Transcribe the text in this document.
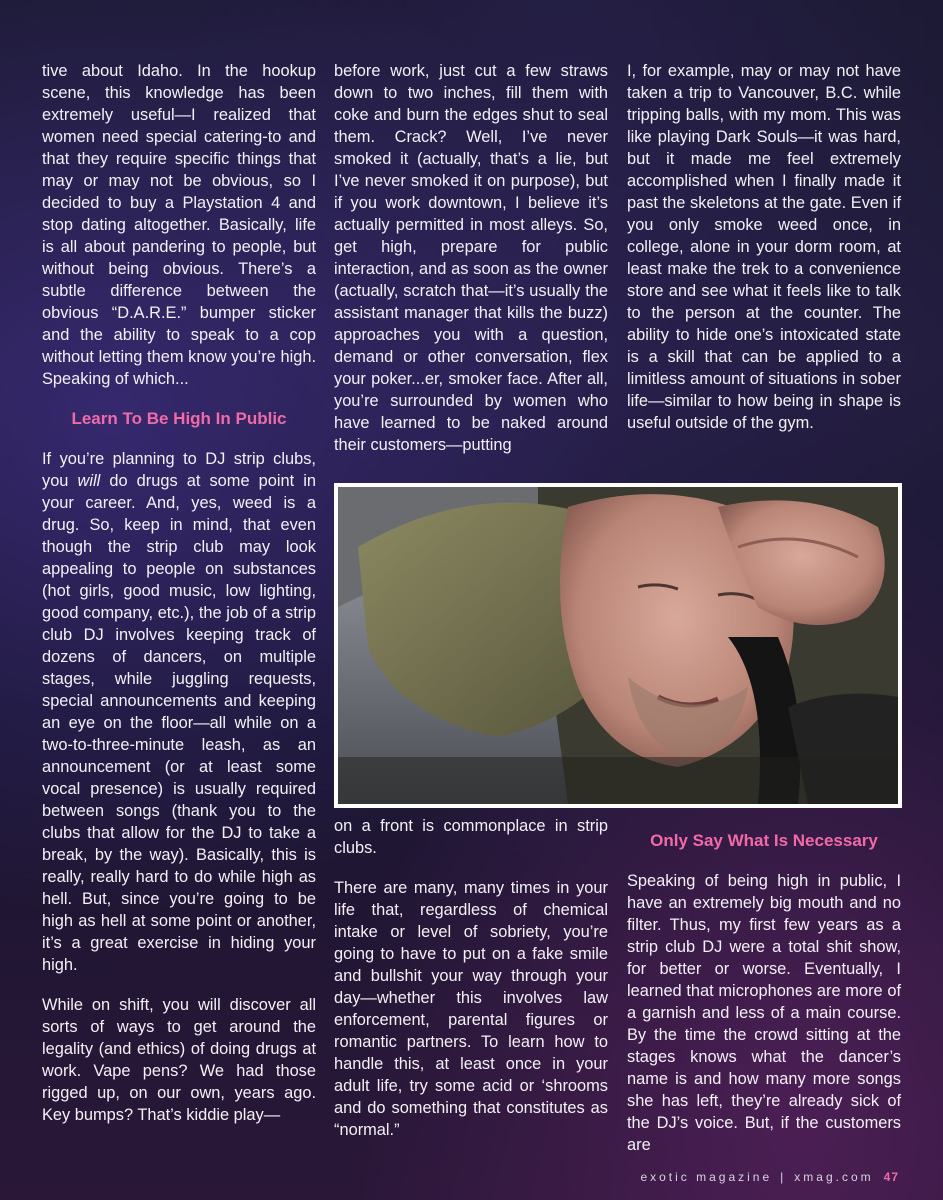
tive about Idaho. In the hookup scene, this knowledge has been extremely useful—I realized that women need special catering-to and that they require specific things that may or may not be obvious, so I decided to buy a Playstation 4 and stop dating altogether. Basically, life is all about pandering to people, but without being obvious. There’s a subtle difference between the obvious “D.A.R.E.” bumper sticker and the ability to speak to a cop without letting them know you’re high. Speaking of which...

Learn To Be High In Public

If you’re planning to DJ strip clubs, you will do drugs at some point in your career. And, yes, weed is a drug. So, keep in mind, that even though the strip club may look appealing to people on substances (hot girls, good music, low lighting, good company, etc.), the job of a strip club DJ involves keeping track of dozens of dancers, on multiple stages, while juggling requests, special announcements and keeping an eye on the floor—all while on a two-to-three-minute leash, as an announcement (or at least some vocal presence) is usually required between songs (thank you to the clubs that allow for the DJ to take a break, by the way). Basically, this is really, really hard to do while high as hell. But, since you’re going to be high as hell at some point or another, it’s a great exercise in hiding your high.

While on shift, you will discover all sorts of ways to get around the legality (and ethics) of doing drugs at work. Vape pens? We had those rigged up, on our own, years ago. Key bumps? That’s kiddie play—

before work, just cut a few straws down to two inches, fill them with coke and burn the edges shut to seal them. Crack? Well, I’ve never smoked it (actually, that’s a lie, but I’ve never smoked it on purpose), but if you work downtown, I believe it’s actually permitted in most alleys. So, get high, prepare for public interaction, and as soon as the owner (actually, scratch that—it’s usually the assistant manager that kills the buzz) approaches you with a question, demand or other conversation, flex your poker...er, smoker face. After all, you’re surrounded by women who have learned to be naked around their customers—putting

I, for example, may or may not have taken a trip to Vancouver, B.C. while tripping balls, with my mom. This was like playing Dark Souls—it was hard, but it made me feel extremely accomplished when I finally made it past the skeletons at the gate. Even if you only smoke weed once, in college, alone in your dorm room, at least make the trek to a convenience store and see what it feels like to talk to the person at the counter. The ability to hide one’s intoxicated state is a skill that can be applied to a limitless amount of situations in sober life—similar to how being in shape is useful outside of the gym.

on a front is commonplace in strip clubs.

There are many, many times in your life that, regardless of chemical intake or level of sobriety, you’re going to have to put on a fake smile and bullshit your way through your day—whether this involves law enforcement, parental figures or romantic partners. To learn how to handle this, at least once in your adult life, try some acid or ‘shrooms and do something that constitutes as “normal.”

Only Say What Is Necessary

Speaking of being high in public, I have an extremely big mouth and no filter. Thus, my first few years as a strip club DJ were a total shit show, for better or worse. Eventually, I learned that microphones are more of a garnish and less of a main course. By the time the crowd sitting at the stages knows what the dancer’s name is and how many more songs she has left, they’re already sick of the DJ’s voice. But, if the customers are

exotic magazine | xmag.com 47
